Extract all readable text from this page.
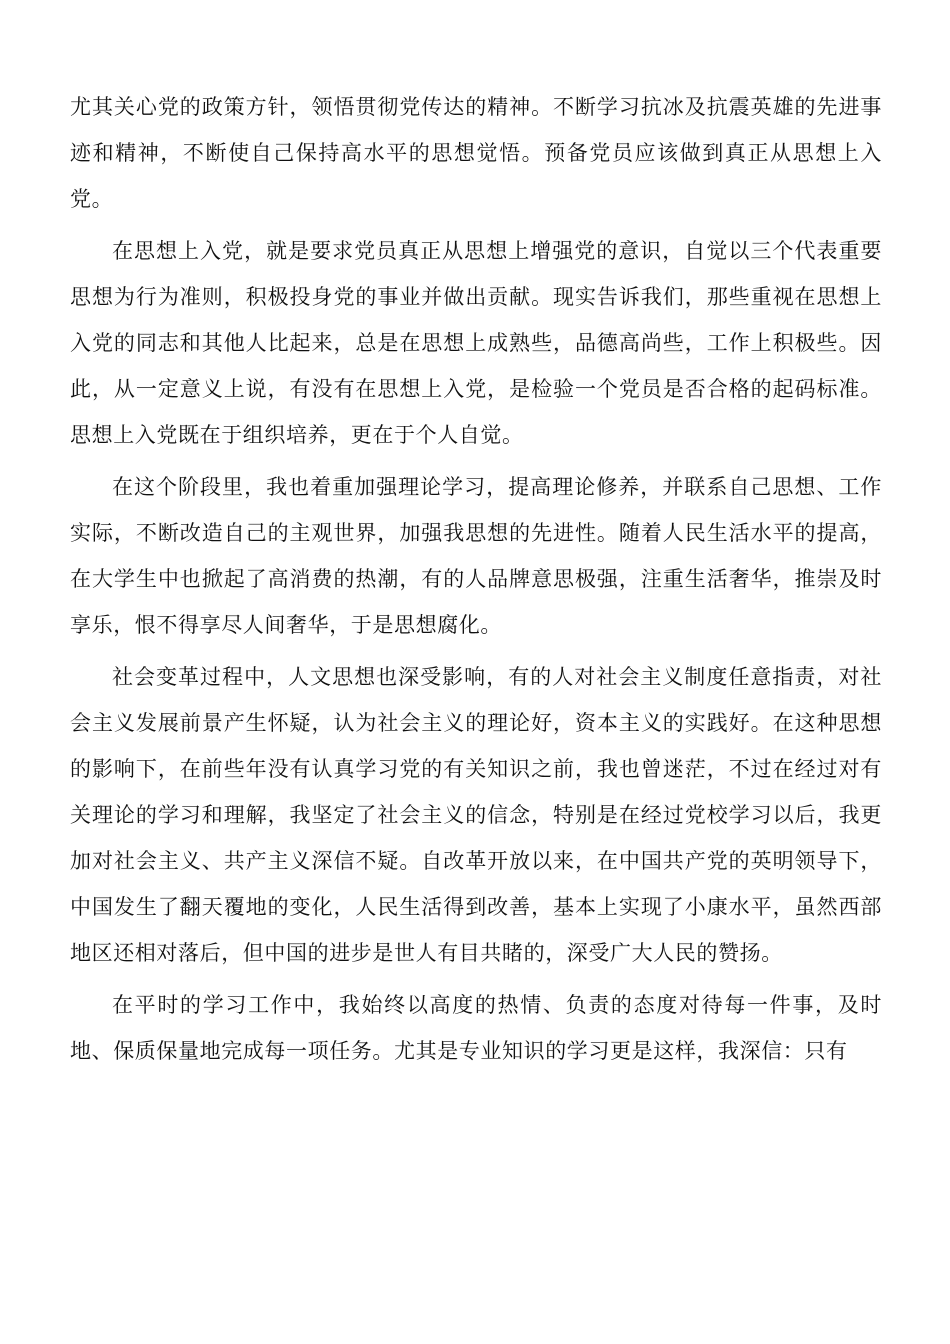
尤其关心党的政策方针，领悟贯彻党传达的精神。不断学习抗冰及抗震英雄的先进事迹和精神，不断使自己保持高水平的思想觉悟。预备党员应该做到真正从思想上入党。

在思想上入党，就是要求党员真正从思想上增强党的意识，自觉以三个代表重要思想为行为准则，积极投身党的事业并做出贡献。现实告诉我们，那些重视在思想上入党的同志和其他人比起来，总是在思想上成熟些，品德高尚些，工作上积极些。因此，从一定意义上说，有没有在思想上入党，是检验一个党员是否合格的起码标准。思想上入党既在于组织培养，更在于个人自觉。

在这个阶段里，我也着重加强理论学习，提高理论修养，并联系自己思想、工作实际，不断改造自己的主观世界，加强我思想的先进性。随着人民生活水平的提高，在大学生中也掀起了高消费的热潮，有的人品牌意思极强，注重生活奢华，推崇及时享乐，恨不得享尽人间奢华，于是思想腐化。

社会变革过程中，人文思想也深受影响，有的人对社会主义制度任意指责，对社会主义发展前景产生怀疑，认为社会主义的理论好，资本主义的实践好。在这种思想的影响下，在前些年没有认真学习党的有关知识之前，我也曾迷茫，不过在经过对有关理论的学习和理解，我坚定了社会主义的信念，特别是在经过党校学习以后，我更加对社会主义、共产主义深信不疑。自改革开放以来，在中国共产党的英明领导下，中国发生了翻天覆地的变化，人民生活得到改善，基本上实现了小康水平，虽然西部地区还相对落后，但中国的进步是世人有目共睹的，深受广大人民的赞扬。

在平时的学习工作中，我始终以高度的热情、负责的态度对待每一件事，及时地、保质保量地完成每一项任务。尤其是专业知识的学习更是这样，我深信：只有
